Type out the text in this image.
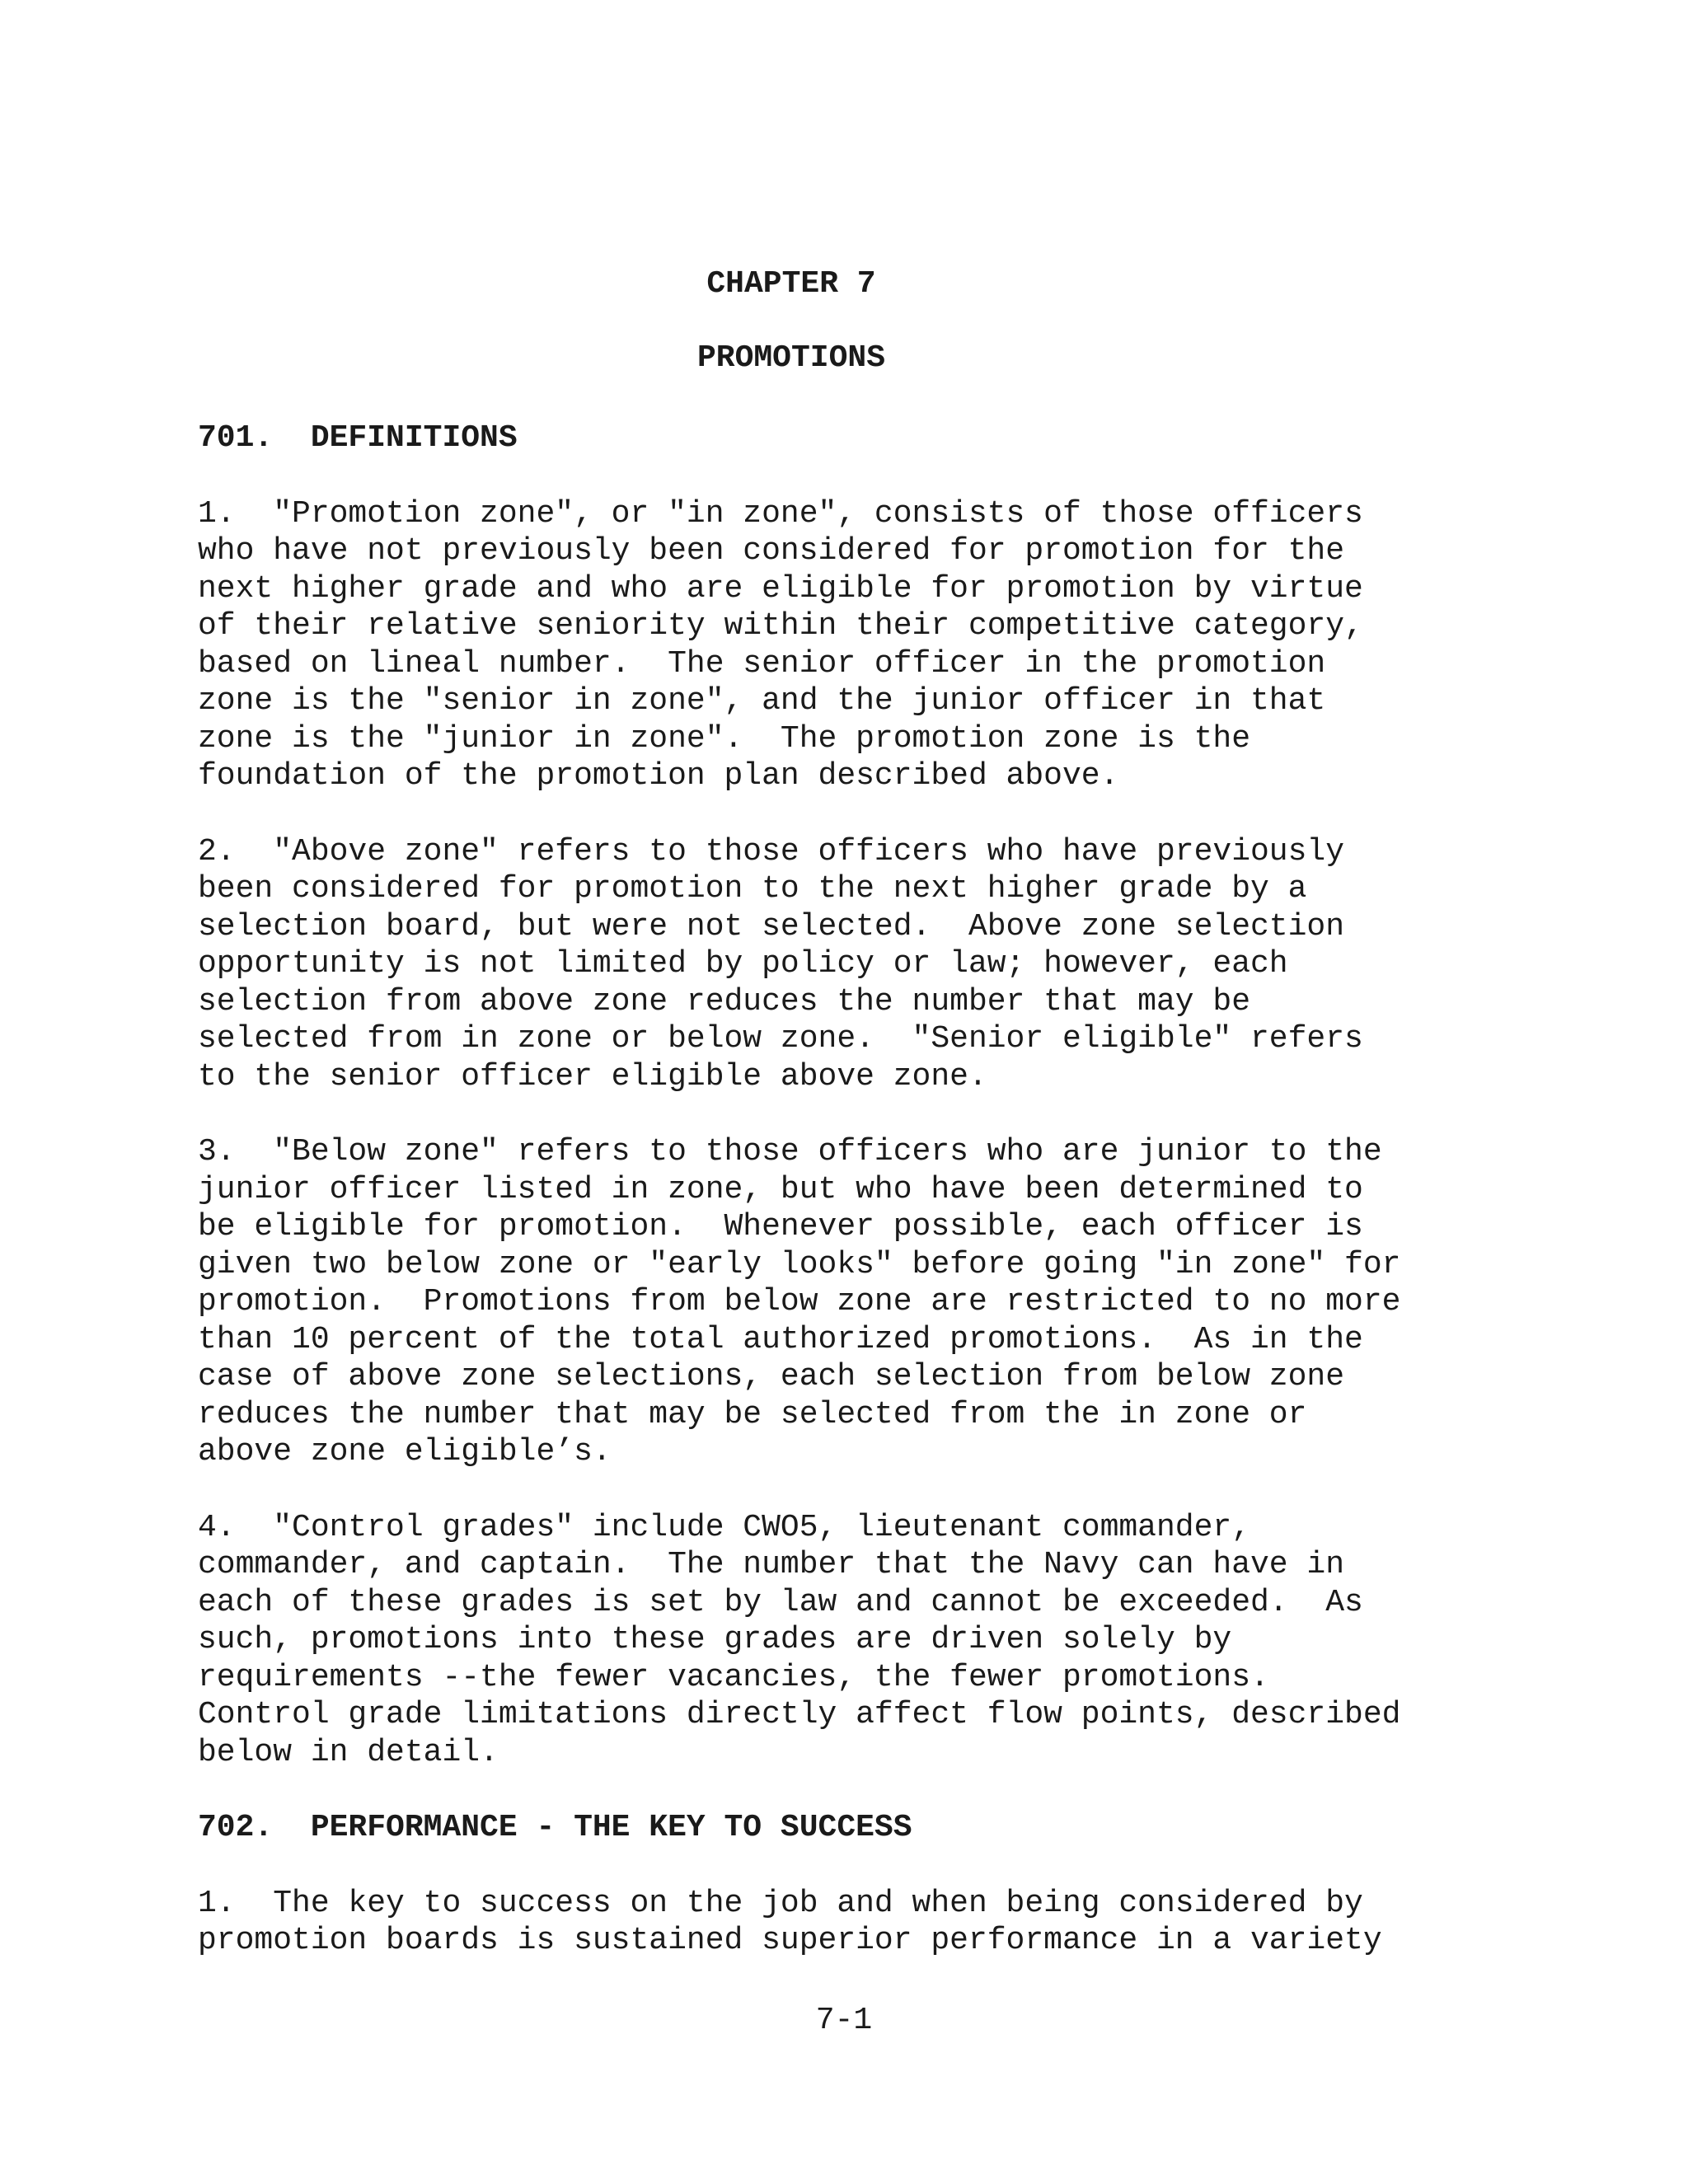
CHAPTER 7
PROMOTIONS
701.  DEFINITIONS
1.  "Promotion zone", or "in zone", consists of those officers
who have not previously been considered for promotion for the
next higher grade and who are eligible for promotion by virtue
of their relative seniority within their competitive category,
based on lineal number.  The senior officer in the promotion
zone is the "senior in zone", and the junior officer in that
zone is the "junior in zone".  The promotion zone is the
foundation of the promotion plan described above.
2.  "Above zone" refers to those officers who have previously
been considered for promotion to the next higher grade by a
selection board, but were not selected.  Above zone selection
opportunity is not limited by policy or law; however, each
selection from above zone reduces the number that may be
selected from in zone or below zone.  "Senior eligible" refers
to the senior officer eligible above zone.
3.  "Below zone" refers to those officers who are junior to the
junior officer listed in zone, but who have been determined to
be eligible for promotion.  Whenever possible, each officer is
given two below zone or "early looks" before going "in zone" for
promotion.  Promotions from below zone are restricted to no more
than 10 percent of the total authorized promotions.  As in the
case of above zone selections, each selection from below zone
reduces the number that may be selected from the in zone or
above zone eligible’s.
4.  "Control grades" include CWO5, lieutenant commander,
commander, and captain.  The number that the Navy can have in
each of these grades is set by law and cannot be exceeded.  As
such, promotions into these grades are driven solely by
requirements --the fewer vacancies, the fewer promotions.
Control grade limitations directly affect flow points, described
below in detail.
702.  PERFORMANCE - THE KEY TO SUCCESS
1.  The key to success on the job and when being considered by
promotion boards is sustained superior performance in a variety
7-1
